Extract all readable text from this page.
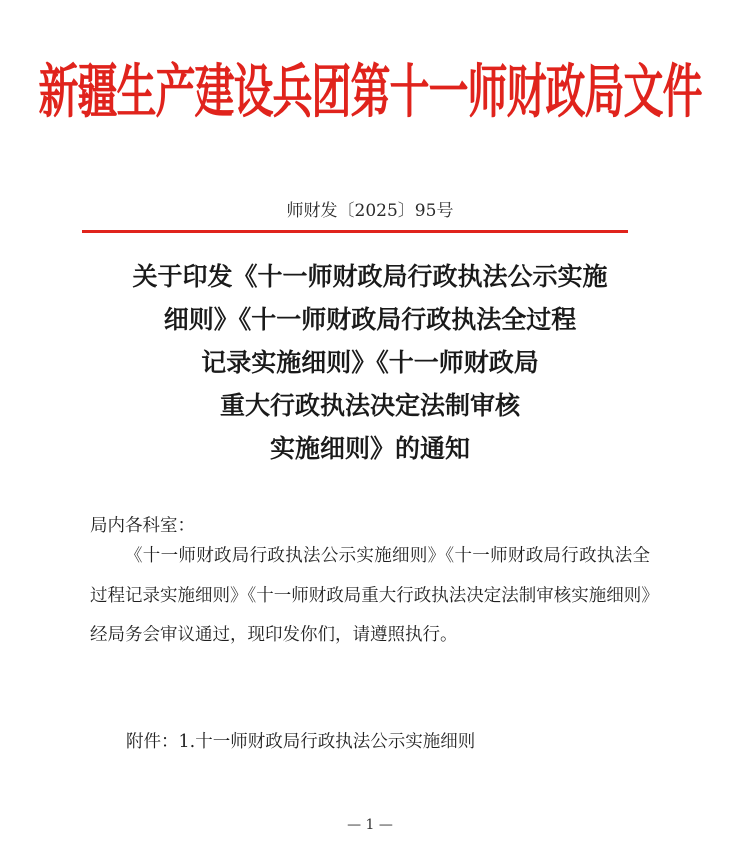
新疆生产建设兵团第十一师财政局文件
师财发〔2025〕95号
关于印发《十一师财政局行政执法公示实施
细则》《十一师财政局行政执法全过程
记录实施细则》《十一师财政局
重大行政执法决定法制审核
实施细则》的通知
局内各科室：
《十一师财政局行政执法公示实施细则》《十一师财政局行政执法全过程记录实施细则》《十一师财政局重大行政执法决定法制审核实施细则》经局务会审议通过，现印发你们，请遵照执行。
附件：1.十一师财政局行政执法公示实施细则
— 1 —
